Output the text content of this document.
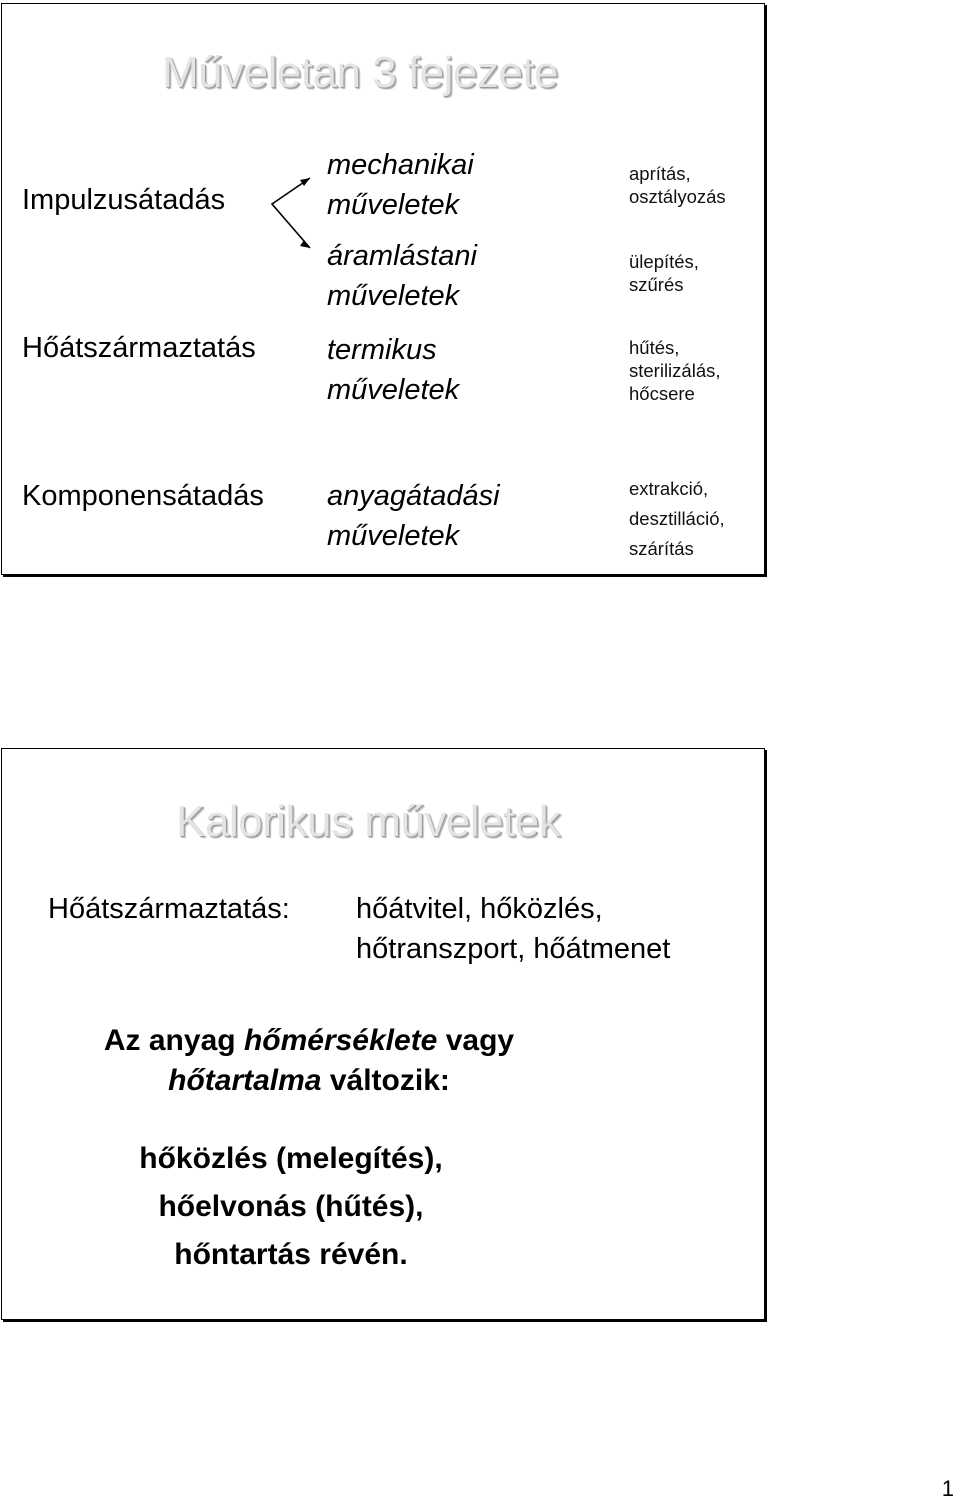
Műveletan 3 fejezete
Impulzusátadás
mechanikai
műveletek
aprítás,
osztályozás
áramlástani
műveletek
ülepítés,
szűrés
Hőátszármaztatás termikus
műveletek
hűtés,
sterilizálás,
hőcsere
Komponensátadás anyagátadási
műveletek
extrakció,
desztilláció,
szárítás
Kalorikus műveletek
Hőátszármaztatás: hőátvitel, hőközlés,
hőtranszport, hőátmenet
Az anyag hőmérséklete vagy
hőtartalma változik:
hőközlés (melegítés),
hőelvonás (hűtés),
hőntartás révén.
1
